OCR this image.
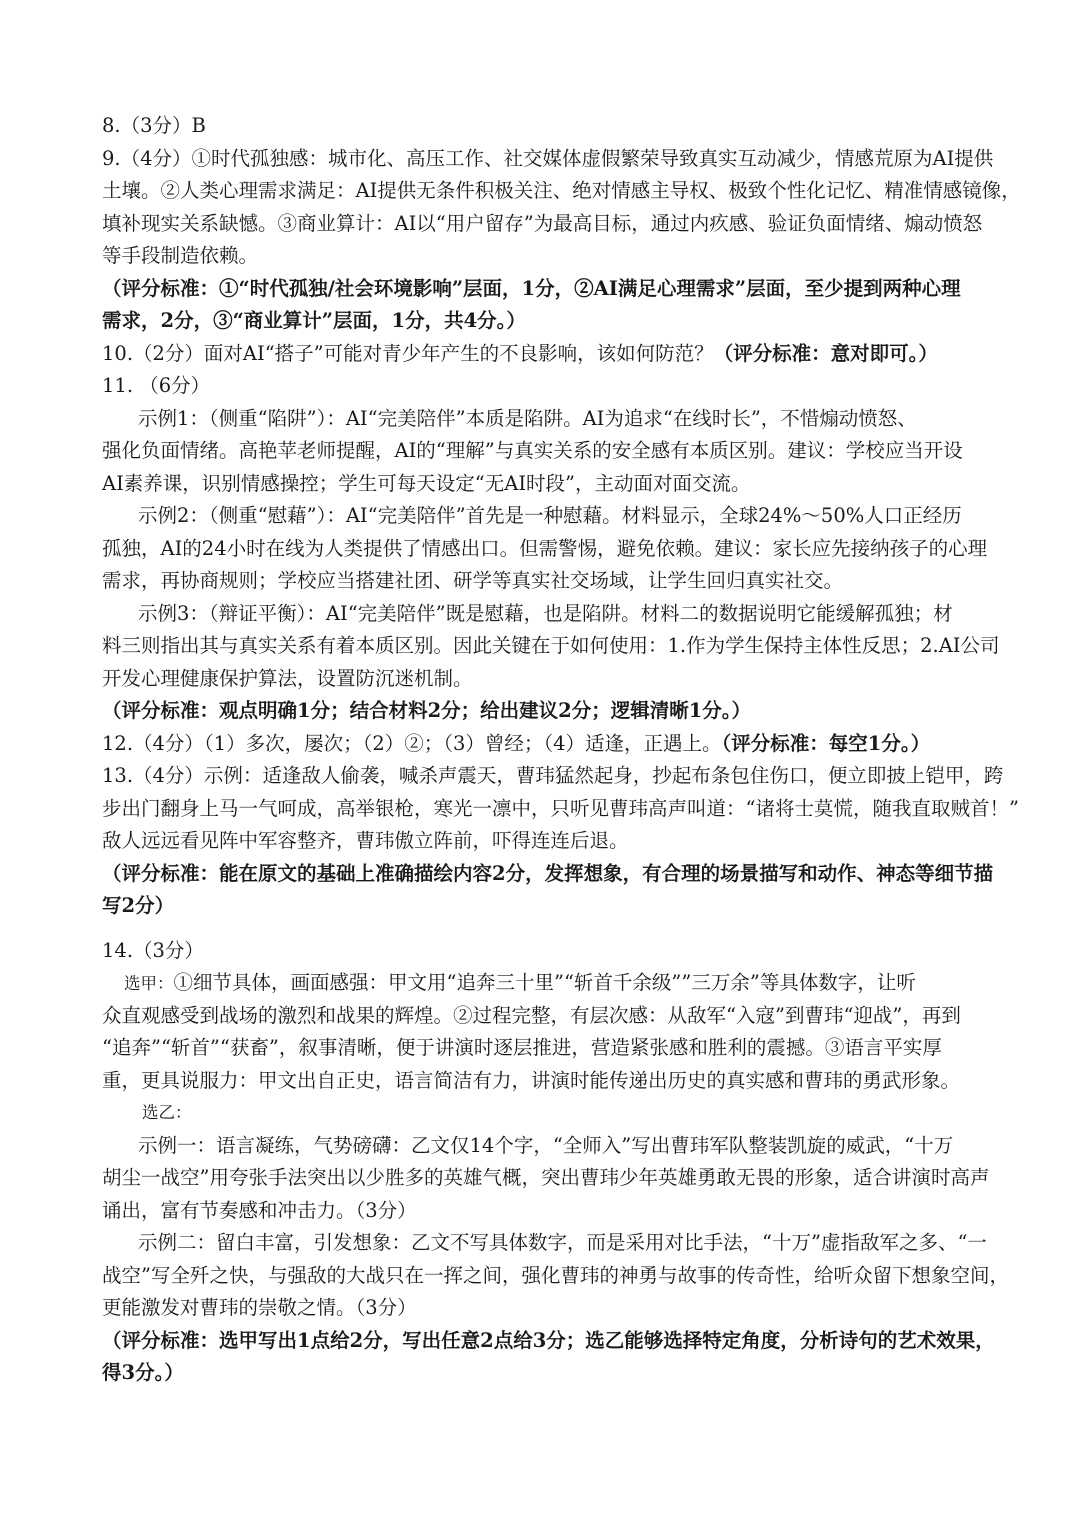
8.（3分）B
9.（4分）①时代孤独感：城市化、高压工作、社交媒体虚假繁荣导致真实互动减少，情感荒原为AI提供
土壤。②人类心理需求满足：AI提供无条件积极关注、绝对情感主导权、极致个性化记忆、精准情感镜像，
填补现实关系缺憾。③商业算计：AI以“用户留存”为最高目标，通过内疚感、验证负面情绪、煽动愤怒
等手段制造依赖。
（评分标准：①“时代孤独/社会环境影响”层面，1分，②AI满足心理需求”层面，至少提到两种心理
需求，2分，③“商业算计”层面，1分，共4分。）
10.（2分）面对AI“搭子”可能对青少年产生的不良影响，该如何防范？（评分标准：意对即可。）
11. （6分）
示例1：（侧重“陷阱”）：AI“完美陪伴”本质是陷阱。AI为追求“在线时长”，不惜煽动愤怒、
强化负面情绪。高艳苹老师提醒，AI的“理解”与真实关系的安全感有本质区别。建议：学校应当开设
AI素养课，识别情感操控；学生可每天设定“无AI时段”，主动面对面交流。
示例2：（侧重“慰藉”）：AI“完美陪伴”首先是一种慰藉。材料显示，全球24%～50%人口正经历
孤独，AI的24小时在线为人类提供了情感出口。但需警惕，避免依赖。建议：家长应先接纳孩子的心理
需求，再协商规则；学校应当搭建社团、研学等真实社交场域，让学生回归真实社交。
示例3：（辩证平衡）：AI“完美陪伴”既是慰藉，也是陷阱。材料二的数据说明它能缓解孤独；材
料三则指出其与真实关系有着本质区别。因此关键在于如何使用：1.作为学生保持主体性反思；2.AI公司
开发心理健康保护算法，设置防沉迷机制。
（评分标准：观点明确1分；结合材料2分；给出建议2分；逻辑清晰1分。）
12.（4分）（1）多次，屡次；（2）②；（3）曾经；（4）适逢，正遇上。（评分标准：每空1分。）
13.（4分）示例：适逢敌人偷袭，喊杀声震天，曹玮猛然起身，抄起布条包住伤口，便立即披上铠甲，跨
步出门翻身上马一气呵成，高举银枪，寒光一凛中，只听见曹玮高声叫道：“诸将士莫慌，随我直取贼首！”
敌人远远看见阵中军容整齐，曹玮傲立阵前，吓得连连后退。
（评分标准：能在原文的基础上准确描绘内容2分，发挥想象，有合理的场景描写和动作、神态等细节描
写2分）
14.（3分）
选甲：①细节具体，画面感强：甲文用“追奔三十里”“斩首千余级””三万余”等具体数字，让听
众直观感受到战场的激烈和战果的辉煌。②过程完整，有层次感：从敌军“入寇”到曹玮“迎战”，再到
“追奔”“斩首”“获畜”，叙事清晰，便于讲演时逐层推进，营造紧张感和胜利的震撼。③语言平实厚
重，更具说服力：甲文出自正史，语言简洁有力，讲演时能传递出历史的真实感和曹玮的勇武形象。
选乙：
示例一：语言凝练，气势磅礴：乙文仅14个字，“全师入”写出曹玮军队整装凯旋的威武，“十万
胡尘一战空”用夸张手法突出以少胜多的英雄气概，突出曹玮少年英雄勇敢无畏的形象，适合讲演时高声
诵出，富有节奏感和冲击力。（3分）
示例二：留白丰富，引发想象：乙文不写具体数字，而是采用对比手法，“十万”虚指敌军之多、“一
战空”写全歼之快，与强敌的大战只在一挥之间，强化曹玮的神勇与故事的传奇性，给听众留下想象空间，
更能激发对曹玮的崇敬之情。（3分）
（评分标准：选甲写出1点给2分，写出任意2点给3分；选乙能够选择特定角度，分析诗句的艺术效果，
得3分。）
